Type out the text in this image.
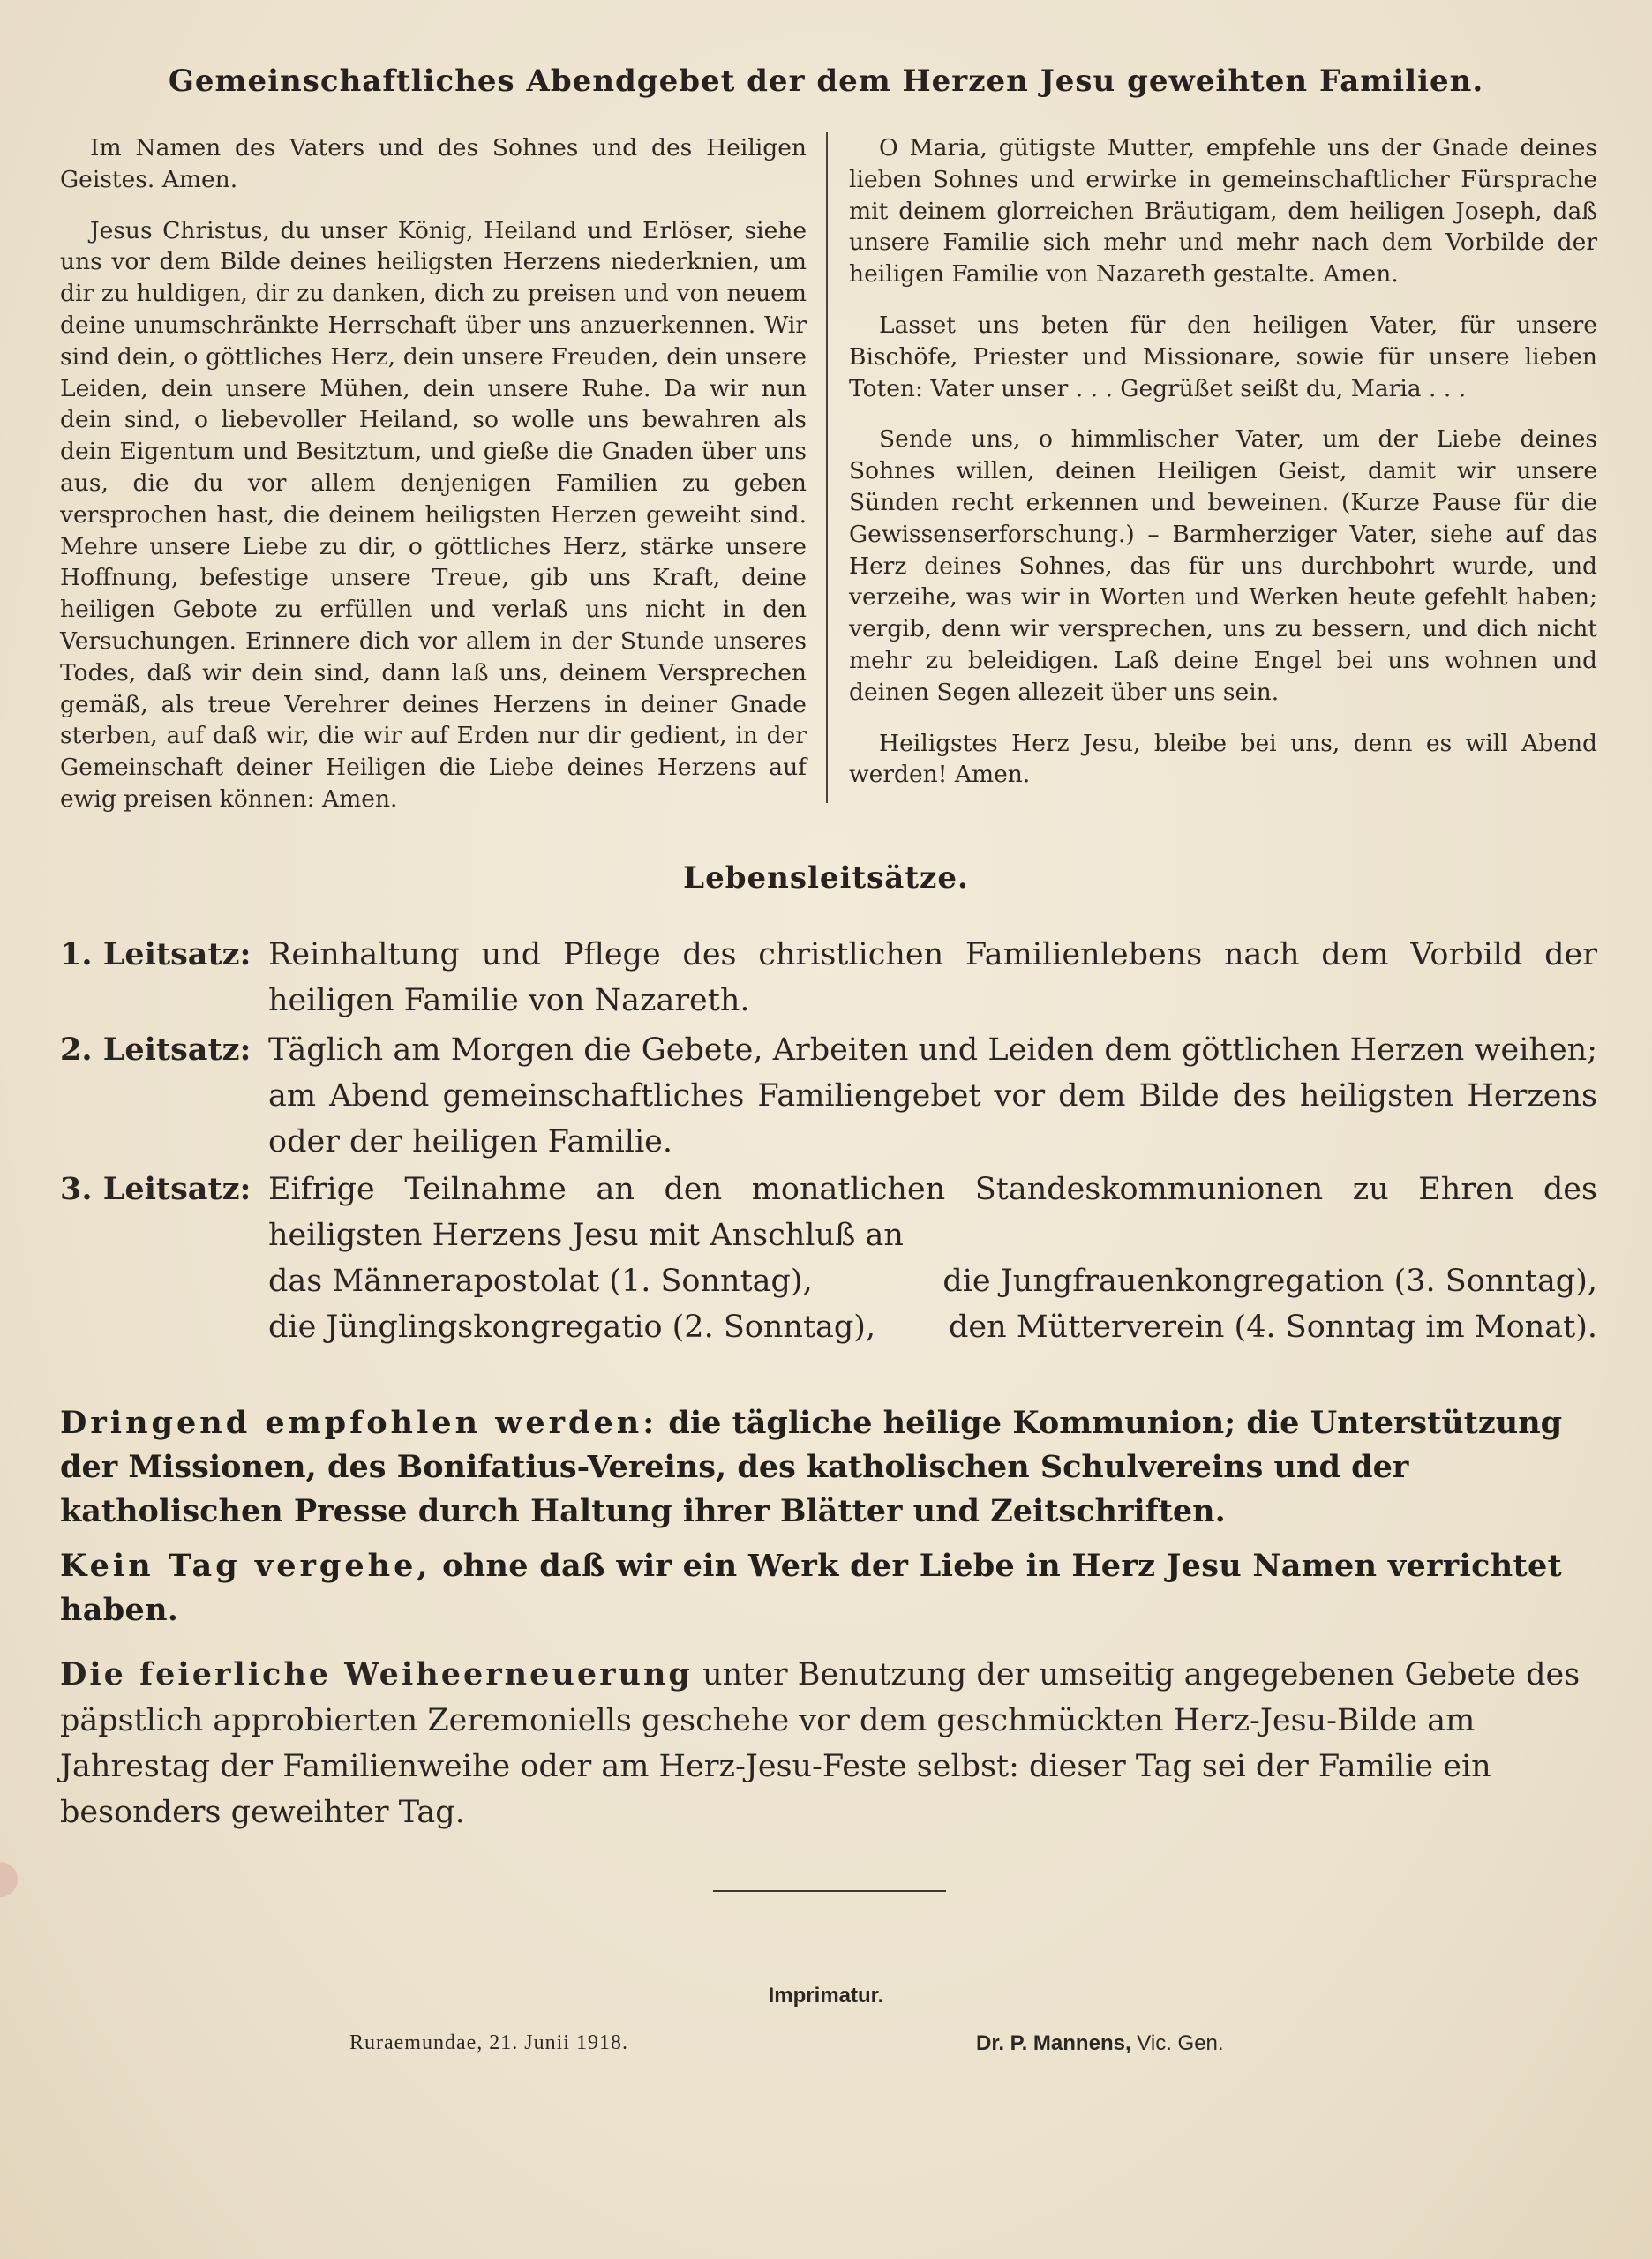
Gemeinschaftliches Abendgebet der dem Herzen Jesu geweihten Familien.

Im Namen des Vaters und des Sohnes und des Heiligen Geistes. Amen.

Jesus Christus, du unser König, Heiland und Erlöser, siehe uns vor dem Bilde deines heiligsten Herzens niederknien, um dir zu huldigen, dir zu danken, dich zu preisen und von neuem deine unumschränkte Herrschaft über uns anzuerkennen. Wir sind dein, o göttliches Herz, dein unsere Freuden, dein unsere Leiden, dein unsere Mühen, dein unsere Ruhe. Da wir nun dein sind, o liebevoller Heiland, so wolle uns bewahren als dein Eigentum und Besitztum, und gieße die Gnaden über uns aus, die du vor allem denjenigen Familien zu geben versprochen hast, die deinem heiligsten Herzen geweiht sind. Mehre unsere Liebe zu dir, o göttliches Herz, stärke unsere Hoffnung, befestige unsere Treue, gib uns Kraft, deine heiligen Gebote zu erfüllen und verlaß uns nicht in den Versuchungen. Erinnere dich vor allem in der Stunde unseres Todes, daß wir dein sind, dann laß uns, deinem Versprechen gemäß, als treue Verehrer deines Herzens in deiner Gnade sterben, auf daß wir, die wir auf Erden nur dir gedient, in der Gemeinschaft deiner Heiligen die Liebe deines Herzens auf ewig preisen können: Amen.

O Maria, gütigste Mutter, empfehle uns der Gnade deines lieben Sohnes und erwirke in gemeinschaftlicher Fürsprache mit deinem glorreichen Bräutigam, dem heiligen Joseph, daß unsere Familie sich mehr und mehr nach dem Vorbilde der heiligen Familie von Nazareth gestalte. Amen.

Lasset uns beten für den heiligen Vater, für unsere Bischöfe, Priester und Missionare, sowie für unsere lieben Toten: Vater unser . . . Gegrüßet seißt du, Maria . . .

Sende uns, o himmlischer Vater, um der Liebe deines Sohnes willen, deinen Heiligen Geist, damit wir unsere Sünden recht erkennen und beweinen. (Kurze Pause für die Gewissenserforschung.) – Barmherziger Vater, siehe auf das Herz deines Sohnes, das für uns durchbohrt wurde, und verzeihe, was wir in Worten und Werken heute gefehlt haben; vergib, denn wir versprechen, uns zu bessern, und dich nicht mehr zu beleidigen. Laß deine Engel bei uns wohnen und deinen Segen allezeit über uns sein.

Heiligstes Herz Jesu, bleibe bei uns, denn es will Abend werden! Amen.

Lebensleitsätze.
1. Leitsatz: Reinhaltung und Pflege des christlichen Familienlebens nach dem Vorbild der heiligen Familie von Nazareth.
2. Leitsatz: Täglich am Morgen die Gebete, Arbeiten und Leiden dem göttlichen Herzen weihen; am Abend gemeinschaftliches Familiengebet vor dem Bilde des heiligsten Herzens oder der heiligen Familie.
3. Leitsatz: Eifrige Teilnahme an den monatlichen Standeskommunionen zu Ehren des heiligsten Herzens Jesu mit Anschluß an
das Männerapostolat (1. Sonntag),	die Jungfrauenkongregation (3. Sonntag),
die Jünglingskongregatio (2. Sonntag), den Mütterverein (4. Sonntag im Monat).
Dringend empfohlen werden: die tägliche heilige Kommunion; die Unterstützung der Missionen, des Bonifatius-Vereins, des katholischen Schulvereins und der katholischen Presse durch Haltung ihrer Blätter und Zeitschriften.
Kein Tag vergehe, ohne daß wir ein Werk der Liebe in Herz Jesu Namen verrichtet haben.
Die feierliche Weiheerneuerung unter Benutzung der umseitig angegebenen Gebete des päpstlich approbierten Zeremoniells geschehe vor dem geschmückten Herz-Jesu-Bilde am Jahrestag der Familienweihe oder am Herz-Jesu-Feste selbst: dieser Tag sei der Familie ein besonders geweihter Tag.
Imprimatur.
Ruraemundae, 21. Junii 1918.	Dr. P. Mannens, Vic. Gen.
